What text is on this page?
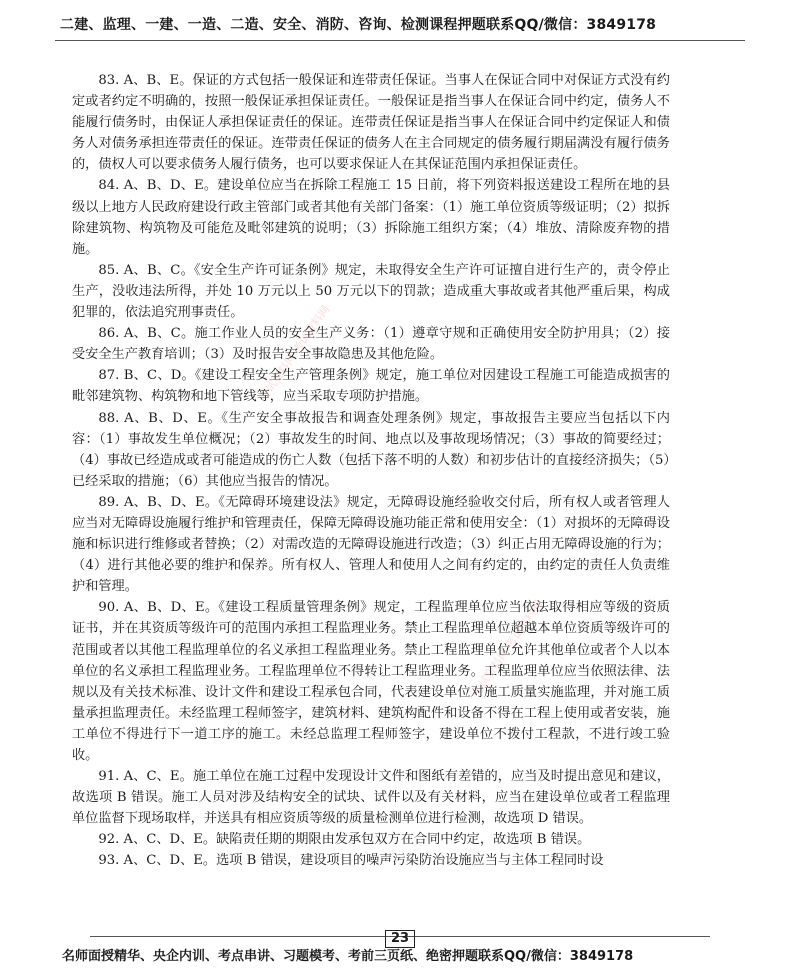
二建、监理、一建、一造、二造、安全、消防、咨询、检测课程押题联系QQ/微信：3849178
考试资料网 考试资料网
考试资料网 考试资料网

83. A、B、E。保证的方式包括一般保证和连带责任保证。当事人在保证合同中对保证方式没有约定或者约定不明确的，按照一般保证承担保证责任。一般保证是指当事人在保证合同中约定，债务人不能履行债务时，由保证人承担保证责任的保证。连带责任保证是指当事人在保证合同中约定保证人和债务人对债务承担连带责任的保证。连带责任保证的债务人在主合同规定的债务履行期届满没有履行债务的，债权人可以要求债务人履行债务，也可以要求保证人在其保证范围内承担保证责任。

84. A、B、D、E。建设单位应当在拆除工程施工 15 日前，将下列资料报送建设工程所在地的县级以上地方人民政府建设行政主管部门或者其他有关部门备案：（1）施工单位资质等级证明；（2）拟拆除建筑物、构筑物及可能危及毗邻建筑的说明；（3）拆除施工组织方案；（4）堆放、清除废弃物的措施。

85. A、B、C。《安全生产许可证条例》规定，未取得安全生产许可证擅自进行生产的，责令停止生产，没收违法所得，并处 10 万元以上 50 万元以下的罚款；造成重大事故或者其他严重后果，构成犯罪的，依法追究刑事责任。

86. A、B、C。施工作业人员的安全生产义务：（1）遵章守规和正确使用安全防护用具；（2）接受安全生产教育培训；（3）及时报告安全事故隐患及其他危险。

87. B、C、D。《建设工程安全生产管理条例》规定，施工单位对因建设工程施工可能造成损害的毗邻建筑物、构筑物和地下管线等，应当采取专项防护措施。

88. A、B、D、E。《生产安全事故报告和调查处理条例》规定，事故报告主要应当包括以下内容：（1）事故发生单位概况；（2）事故发生的时间、地点以及事故现场情况；（3）事故的简要经过；（4）事故已经造成或者可能造成的伤亡人数（包括下落不明的人数）和初步估计的直接经济损失；（5）已经采取的措施；（6）其他应当报告的情况。

89. A、B、D、E。《无障碍环境建设法》规定，无障碍设施经验收交付后，所有权人或者管理人应当对无障碍设施履行维护和管理责任，保障无障碍设施功能正常和使用安全：（1）对损坏的无障碍设施和标识进行维修或者替换；（2）对需改造的无障碍设施进行改造；（3）纠正占用无障碍设施的行为；（4）进行其他必要的维护和保养。所有权人、管理人和使用人之间有约定的，由约定的责任人负责维护和管理。

90. A、B、D、E。《建设工程质量管理条例》规定，工程监理单位应当依法取得相应等级的资质证书，并在其资质等级许可的范围内承担工程监理业务。禁止工程监理单位超越本单位资质等级许可的范围或者以其他工程监理单位的名义承担工程监理业务。禁止工程监理单位允许其他单位或者个人以本单位的名义承担工程监理业务。工程监理单位不得转让工程监理业务。工程监理单位应当依照法律、法规以及有关技术标准、设计文件和建设工程承包合同，代表建设单位对施工质量实施监理，并对施工质量承担监理责任。未经监理工程师签字，建筑材料、建筑构配件和设备不得在工程上使用或者安装，施工单位不得进行下一道工序的施工。未经总监理工程师签字，建设单位不拨付工程款，不进行竣工验收。

91. A、C、E。施工单位在施工过程中发现设计文件和图纸有差错的，应当及时提出意见和建议，故选项 B 错误。施工人员对涉及结构安全的试块、试件以及有关材料，应当在建设单位或者工程监理单位监督下现场取样，并送具有相应资质等级的质量检测单位进行检测，故选项 D 错误。

92. A、C、D、E。缺陷责任期的期限由发承包双方在合同中约定，故选项 B 错误。

93. A、C、D、E。选项 B 错误，建设项目的噪声污染防治设施应当与主体工程同时设

23
名师面授精华、央企内训、考点串讲、习题模考、考前三页纸、绝密押题联系QQ/微信：3849178
